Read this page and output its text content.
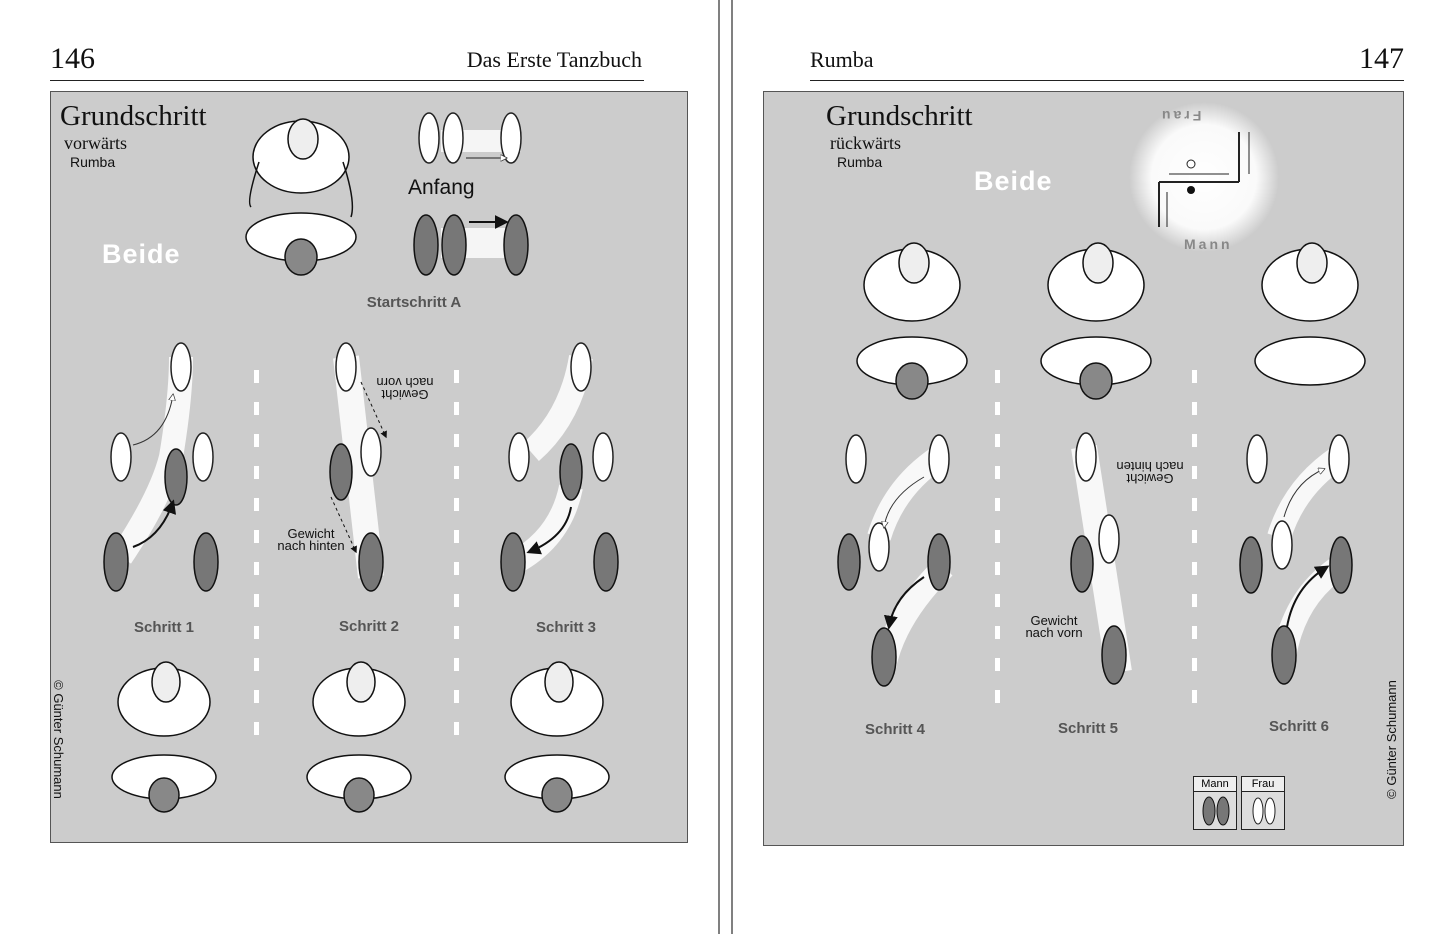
146	Das Erste Tanzbuch
Grundschritt
vorwärts
Rumba
Beide
Anfang
Startschritt A
Gewicht nach vorn
Gewicht nach hinten
Schritt 1	Schritt 2	Schritt 3
© Günter Schumann
Rumba	147
Grundschritt
rückwärts
Rumba
Beide
Frau
Mann
Gewicht nach hinten
Gewicht nach vorn
Schritt 4	Schritt 5	Schritt 6	© Günter Schumann
Mann	Frau
